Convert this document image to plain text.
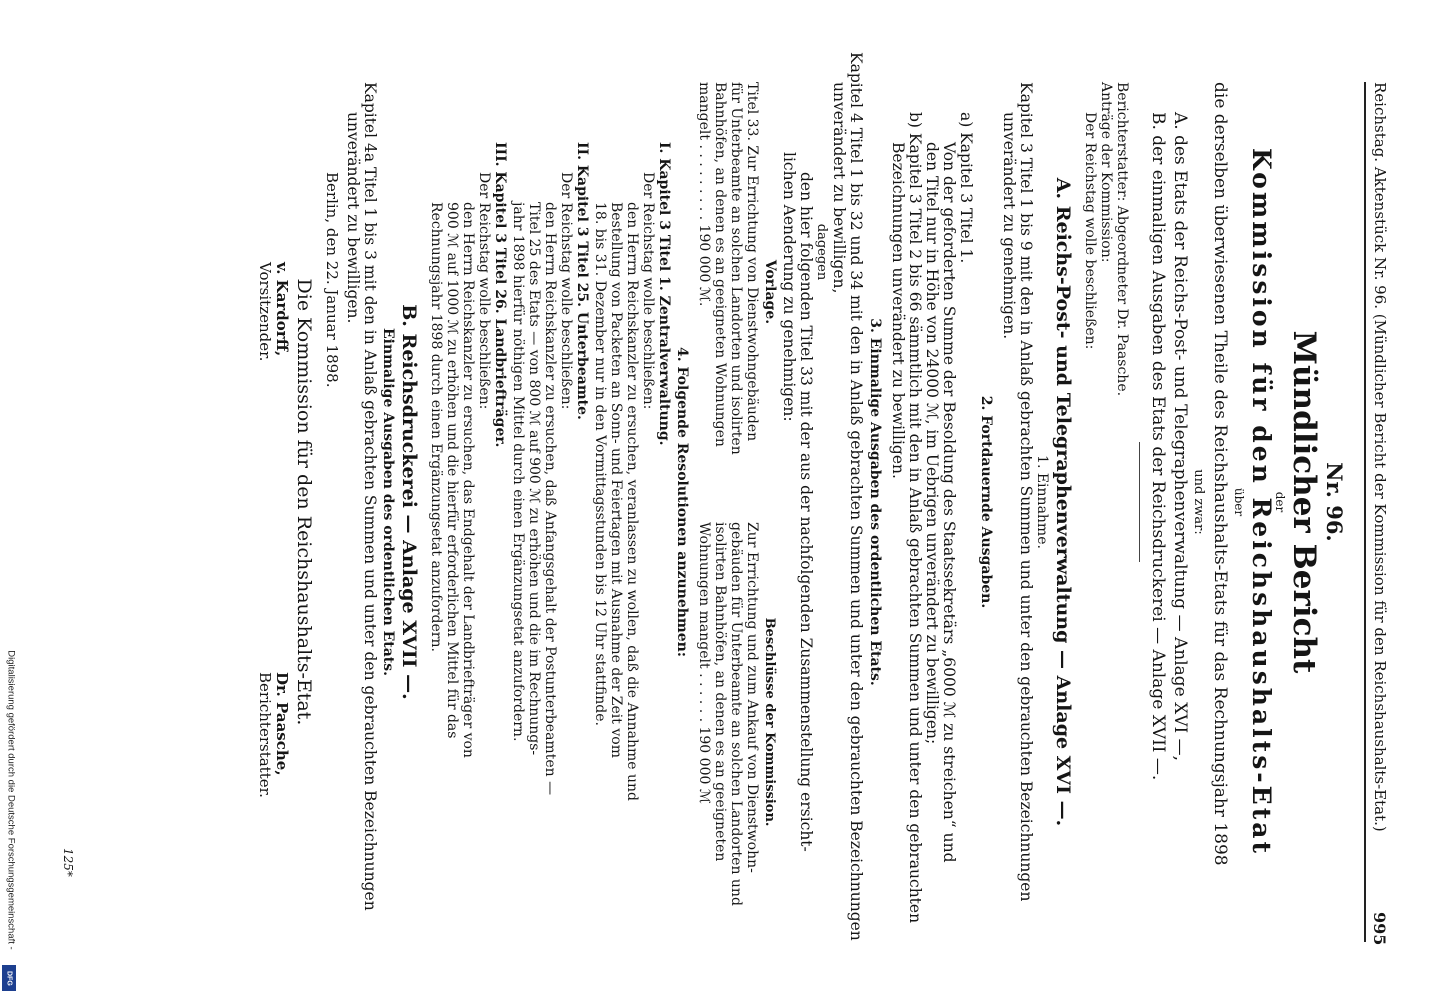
Digitalisierung gefördert durch die Deutsche Forschungsgemeinschaft -
DFG
125*
Reichstag. Aktenstück Nr. 96. (Mündlicher Bericht der Kommission für den Reichshaushalts-Etat.)
995
Nr. 96.
Mündlicher Bericht
der
Kommission für den Reichshaushalts-Etat
über
die derselben überwiesenen Theile des Reichshaushalts-Etats für das Rechnungsjahr 1898
und zwar:
A. des Etats der Reichs-Post- und Telegraphenverwaltung — Anlage XVI —,
B. der einmaligen Ausgaben des Etats der Reichsdruckerei — Anlage XVII —.
Berichterstatter: Abgeordneter Dr. Paasche.
Anträge der Kommission:
Der Reichstag wolle beschließen:
A. Reichs-Post- und Telegraphenverwaltung — Anlage XVI —.
1. Einnahme.
Kapitel 3 Titel 1 bis 9 mit den in Anlaß gebrachten Summen und unter den gebrauchten Bezeichnungen
unverändert zu genehmigen.
2. Fortdauernde Ausgaben.
a) Kapitel 3 Titel 1.
Von der geforderten Summe der Besoldung des Staatssekretärs „6000 ℳ zu streichen“ und
den Titel nur in Höhe von 24000 ℳ, im Uebrigen unverändert zu bewilligen;
b) Kapitel 3 Titel 2 bis 66 sämmtlich mit den in Anlaß gebrachten Summen und unter den gebrauchten
Bezeichnungen unverändert zu bewilligen.
3. Einmalige Ausgaben des ordentlichen Etats.
Kapitel 4 Titel 1 bis 32 und 34 mit den in Anlaß gebrachten Summen und unter den gebrauchten Bezeichnungen
unverändert zu bewilligen,
dagegen
den hier folgenden Titel 33 mit der aus der nachfolgenden Zusammenstellung ersicht-
lichen Aenderung zu genehmigen:
Vorlage.
Beschlüsse der Kommission.
Titel 33. Zur Errichtung von Dienstwohngebäuden
für Unterbeamte an solchen Landorten und isolirten
Bahnhöfen, an denen es an geeigneten Wohnungen
mangelt . . . . . . . . . 190 000 ℳ.
Zur Errichtung und zum Ankauf von Dienstwohn-
gebäuden für Unterbeamte an solchen Landorten und
isolirten Bahnhöfen, an denen es an geeigneten
Wohnungen mangelt . . . . . . 190 000 ℳ
4. Folgende Resolutionen anzunehmen:
I. Kapitel 3 Titel 1. Zentralverwaltung.
Der Reichstag wolle beschließen:
den Herrn Reichskanzler zu ersuchen, veranlassen zu wollen, daß die Annahme und
Bestellung von Packeten an Sonn- und Feiertagen mit Ausnahme der Zeit vom
18. bis 31. Dezember nur in den Vormittagsstunden bis 12 Uhr stattfinde.
II. Kapitel 3 Titel 25. Unterbeamte.
Der Reichstag wolle beschließen:
den Herrn Reichskanzler zu ersuchen, daß Anfangsgehalt der Postunterbeamten —
Titel 25 des Etats — von 800 ℳ auf 900 ℳ zu erhöhen und die im Rechnungs-
jahr 1898 hierfür nöthigen Mittel durch einen Ergänzungsetat anzufordern.
III. Kapitel 3 Titel 26. Landbriefträger.
Der Reichstag wolle beschließen:
den Herrn Reichskanzler zu ersuchen, das Endgehalt der Landbriefträger von
900 ℳ auf 1000 ℳ zu erhöhen und die hierfür erforderlichen Mittel für das
Rechnungsjahr 1898 durch einen Ergänzungsetat anzufordern.
B. Reichsdruckerei — Anlage XVII —.
Einmalige Ausgaben des ordentlichen Etats.
Kapitel 4a Titel 1 bis 3 mit den in Anlaß gebrachten Summen und unter den gebrauchten Bezeichnungen
unverändert zu bewilligen.
Berlin, den 22. Januar 1898.
Die Kommission für den Reichshaushalts-Etat.
v. Kardorff,
Vorsitzender.
Dr. Paasche,
Berichterstatter.
